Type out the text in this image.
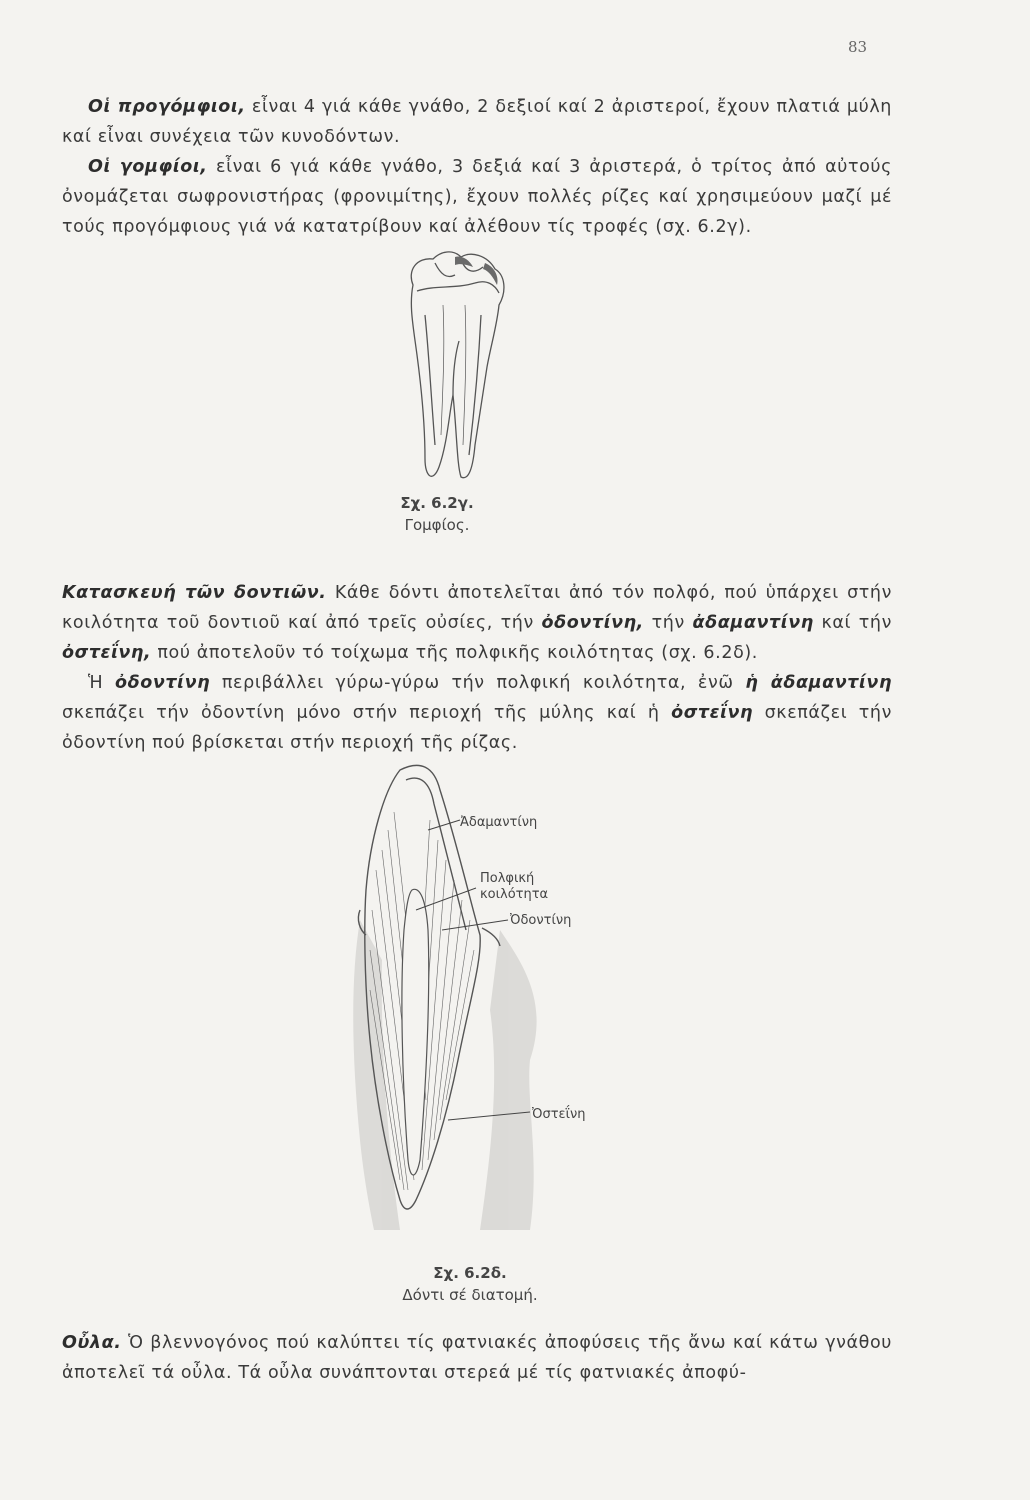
83

Οἱ προγόμφιοι, εἶναι 4 γιά κάθε γνάθο, 2 δεξιοί καί 2 ἀριστεροί, ἔχουν πλατιά μύλη καί εἶναι συνέχεια τῶν κυνοδόντων.

Οἱ γομφίοι, εἶναι 6 γιά κάθε γνάθο, 3 δεξιά καί 3 ἀριστερά, ὁ τρίτος ἀπό αὐτούς ὀνομάζεται σωφρονιστήρας (φρονιμίτης), ἔχουν πολλές ρίζες καί χρησιμεύουν μαζί μέ τούς προγόμφιους γιά νά κατατρίβουν καί ἀλέθουν τίς τροφές (σχ. 6.2γ).

Σχ. 6.2γ.
Γομφίος.

Κατασκευή τῶν δοντιῶν. Κάθε δόντι ἀποτελεῖται ἀπό τόν πολφό, πού ὑπάρχει στήν κοιλότητα τοῦ δοντιοῦ καί ἀπό τρεῖς οὐσίες, τήν ὀδοντίνη, τήν ἀδαμαντίνη καί τήν ὀστεΐνη, πού ἀποτελοῦν τό τοίχωμα τῆς πολφικῆς κοιλότητας (σχ. 6.2δ).

Ἡ ὀδοντίνη περιβάλλει γύρω-γύρω τήν πολφική κοιλότητα, ἐνῶ ἡ ἀδαμαντίνη σκεπάζει τήν ὀδοντίνη μόνο στήν περιοχή τῆς μύλης καί ἡ ὀστεΐνη σκεπάζει τήν ὀδοντίνη πού βρίσκεται στήν περιοχή τῆς ρίζας.

Ἀδαμαντίνη
Πολφική
κοιλότητα
Ὀδοντίνη
Ὀστεΐνη
Σχ. 6.2δ.
Δόντι σέ διατομή.

Οὖλα. Ὁ βλεννογόνος πού καλύπτει τίς φατνιακές ἀποφύσεις τῆς ἄνω καί κάτω γνάθου ἀποτελεῖ τά οὖλα. Τά οὖλα συνάπτονται στερεά μέ τίς φατνιακές ἀποφύ-
